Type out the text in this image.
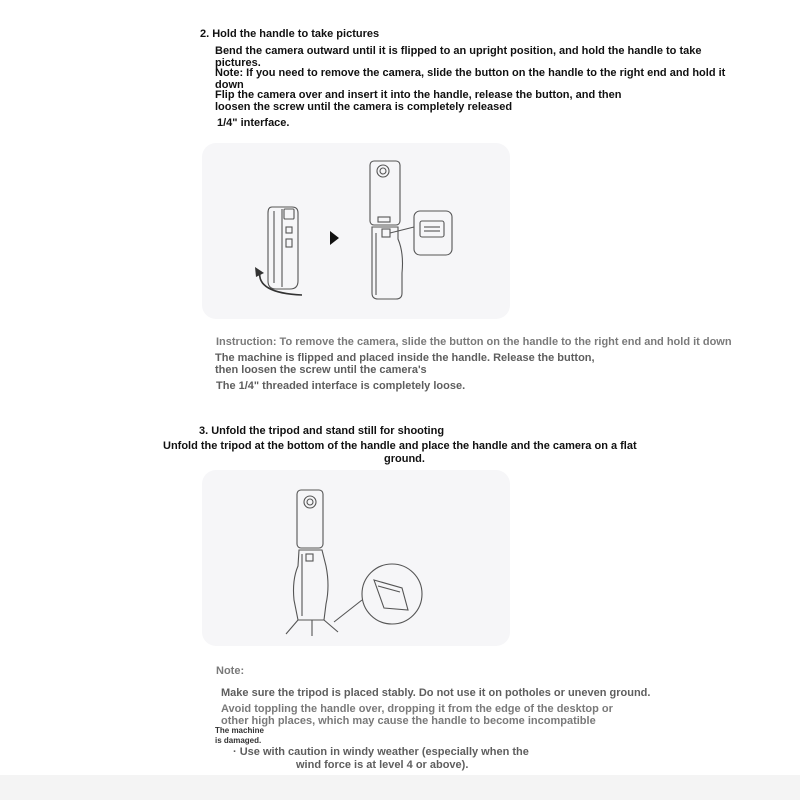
2. Hold the handle to take pictures
Bend the camera outward until it is flipped to an upright position, and hold the handle to take
pictures.
Note: If you need to remove the camera, slide the button on the handle to the right end and hold it
down
Flip the camera over and insert it into the handle, release the button, and then
loosen the screw until the camera is completely released
1/4" interface.
Instruction: To remove the camera, slide the button on the handle to the right end and hold it down
The machine is flipped and placed inside the handle. Release the button,
then loosen the screw until the camera's
The 1/4" threaded interface is completely loose.
3. Unfold the tripod and stand still for shooting
Unfold the tripod at the bottom of the handle and place the handle and the camera on a flat
ground.
Note:
Make sure the tripod is placed stably. Do not use it on potholes or uneven ground.
Avoid toppling the handle over, dropping it from the edge of the desktop or
other high places, which may cause the handle to become incompatible
The machine
is damaged.
· Use with caution in windy weather (especially when the
wind force is at level 4 or above).
